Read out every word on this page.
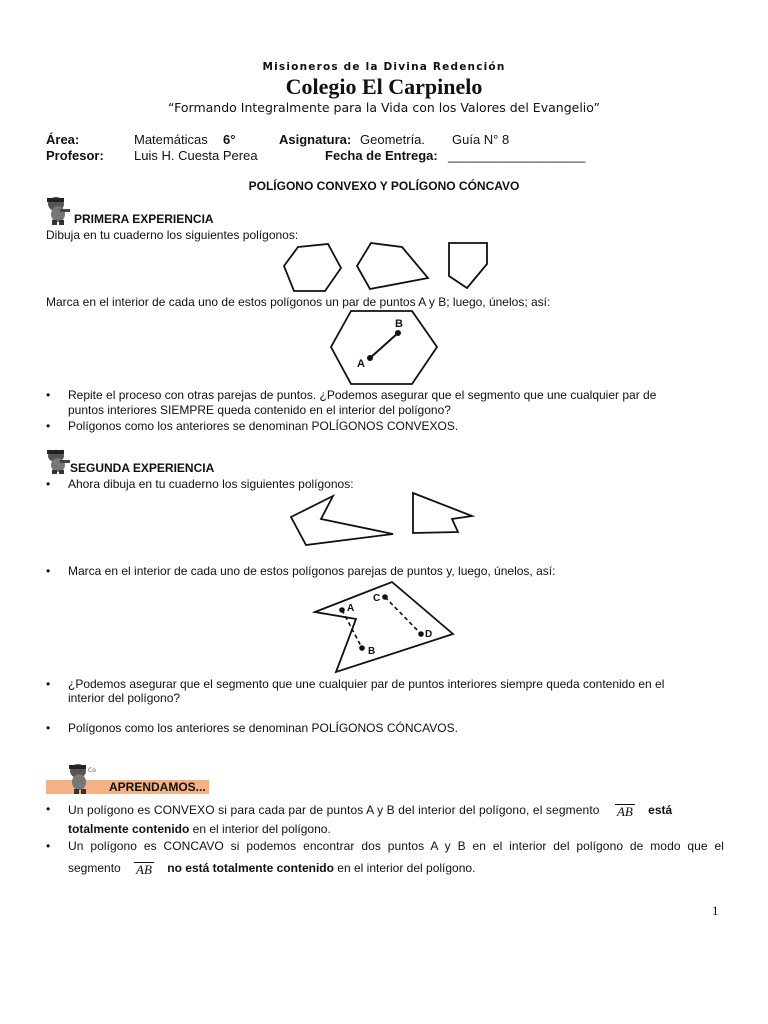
Misioneros de la Divina Redención
Colegio El Carpinelo
“Formando Integralmente para la Vida con los Valores del Evangelio”
Área:	Matemáticas 6°	Asignatura: Geometría. Guía N° 8
Profesor: Luis H. Cuesta Perea	Fecha de Entrega: ___________________
POLÍGONO CONVEXO Y POLÍGONO CÓNCAVO
PRIMERA EXPERIENCIA
Dibuja en tu cuaderno los siguientes polígonos:
Marca en el interior de cada uno de estos polígonos un par de puntos A y B; luego, únelos; así:
A
B
• Repite el proceso con otras parejas de puntos. ¿Podemos asegurar que el segmento que une cualquier par de
puntos interiores SIEMPRE queda contenido en el interior del polígono?
• Polígonos como los anteriores se denominan POLÍGONOS CONVEXOS.
SEGUNDA EXPERIENCIA
• Ahora dibuja en tu cuaderno los siguientes polígonos:
• Marca en el interior de cada uno de estos polígonos parejas de puntos y, luego, únelos, así:
A
B
C
D
• ¿Podemos asegurar que el segmento que une cualquier par de puntos interiores siempre queda contenido en el
interior del polígono?
• Polígonos como los anteriores se denominan POLÍGONOS CÓNCAVOS.
Co
APRENDAMOS...
• Un polígono es CONVEXO si para cada par de puntos A y B del interior del polígono, el segmento AB está
totalmente contenido en el interior del polígono.
• Un polígono es CONCAVO si podemos encontrar dos puntos A y B en el interior del polígono de modo que el
segmento AB no está totalmente contenido en el interior del polígono.
1
